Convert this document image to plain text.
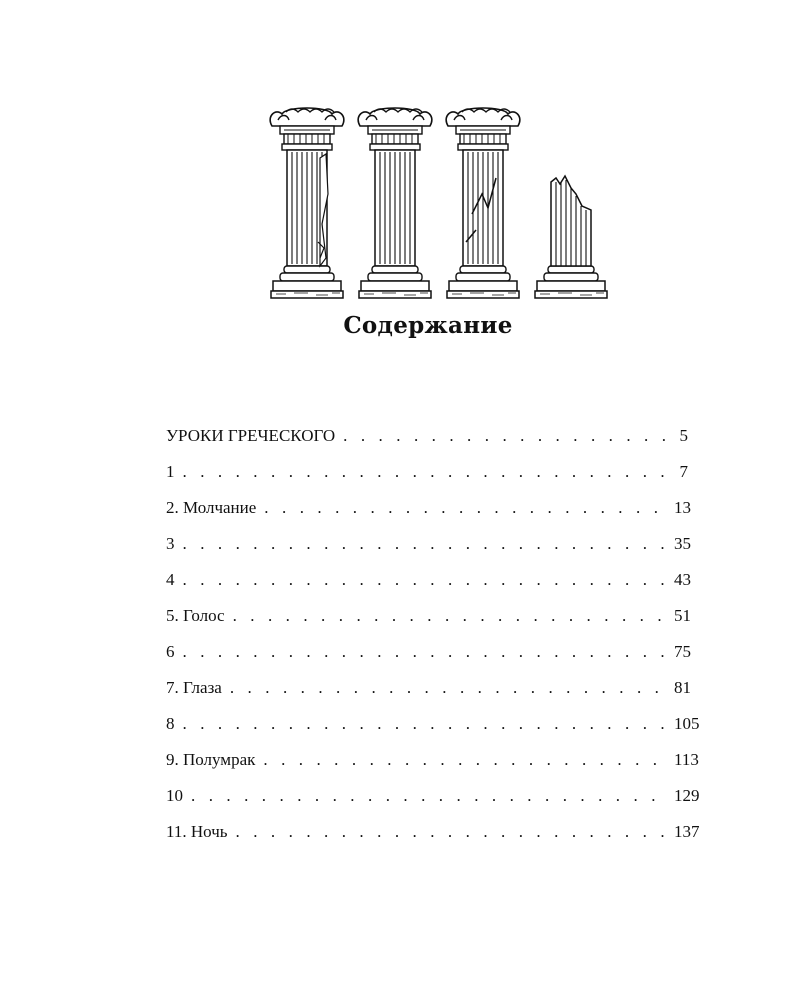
Содержание
УРОКИ ГРЕЧЕСКОГО . . .	5
1 . . .	7
2. Молчание . . .	13
3 . . .	35
4 . . .	43
5. Голос . . .	51
6 . . .	75
7. Глаза . . .	81
8 . . .	105
9. Полумрак . . .	113
10 . . .	129
11. Ночь . . .	137
